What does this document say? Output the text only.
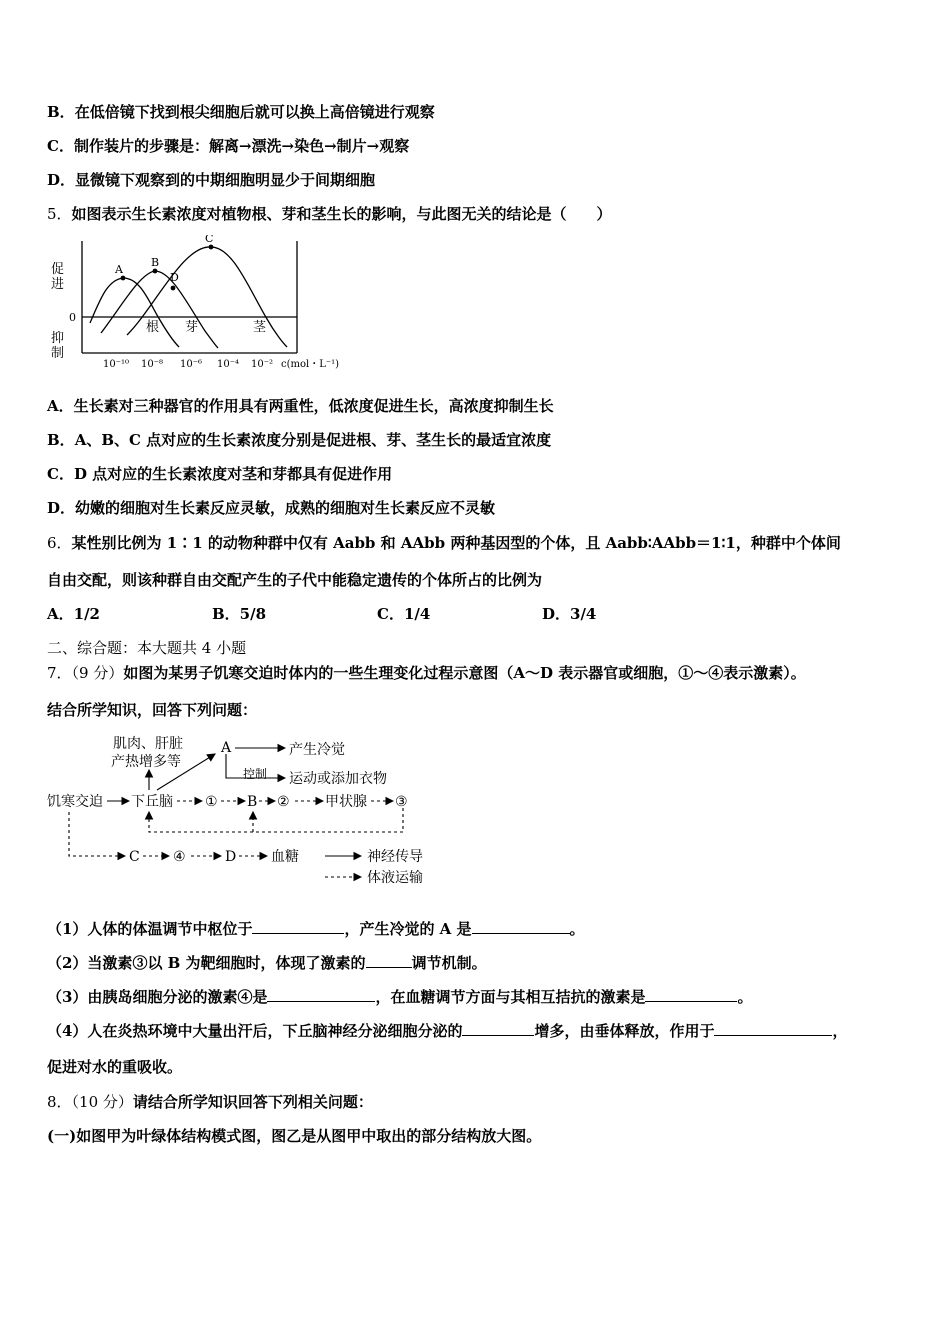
B．在低倍镜下找到根尖细胞后就可以换上高倍镜进行观察
C．制作装片的步骤是：解离→漂洗→染色→制片→观察
D．显微镜下观察到的中期细胞明显少于间期细胞
5．如图表示生长素浓度对植物根、芽和茎生长的影响，与此图无关的结论是（　　）
A
B
C
D
促
进
0
抑
制
根 芽	茎
10⁻¹⁰ 10⁻⁸ 10⁻⁶ 10⁻⁴ 10⁻² c(mol・L⁻¹)
A．生长素对三种器官的作用具有两重性，低浓度促进生长，高浓度抑制生长
B．A、B、C 点对应的生长素浓度分别是促进根、芽、茎生长的最适宜浓度
C．D 点对应的生长素浓度对茎和芽都具有促进作用
D．幼嫩的细胞对生长素反应灵敏，成熟的细胞对生长素反应不灵敏
6．某性别比例为 1∶1 的动物种群中仅有 Aabb 和 AAbb 两种基因型的个体，且 Aabb∶AAbb＝1∶1，种群中个体间
自由交配，则该种群自由交配产生的子代中能稳定遗传的个体所占的比例为
A．1/2	B．5/8	C．1/4	D．3/4
二、综合题：本大题共 4 小题
7．（9 分）如图为某男子饥寒交迫时体内的一些生理变化过程示意图（A～D 表示器官或细胞，①～④表示激素）。
结合所学知识，回答下列问题：
肌肉、肝脏
产热增多等
A	产生冷觉
控制 运动或添加衣物
饥寒交迫 下丘脑 ① B ②	甲状腺 ③
C ④	D 血糖	神经传导
体液运输
（1）人体的体温调节中枢位于	，产生冷觉的 A 是	。
（2）当激素③以 B 为靶细胞时，体现了激素的	调节机制。
（3）由胰岛细胞分泌的激素④是	，在血糖调节方面与其相互拮抗的激素是	。
（4）人在炎热环境中大量出汗后，下丘脑神经分泌细胞分泌的	增多，由垂体释放，作用于	，
促进对水的重吸收。
8．（10 分）请结合所学知识回答下列相关问题：
(一)如图甲为叶绿体结构模式图，图乙是从图甲中取出的部分结构放大图。
